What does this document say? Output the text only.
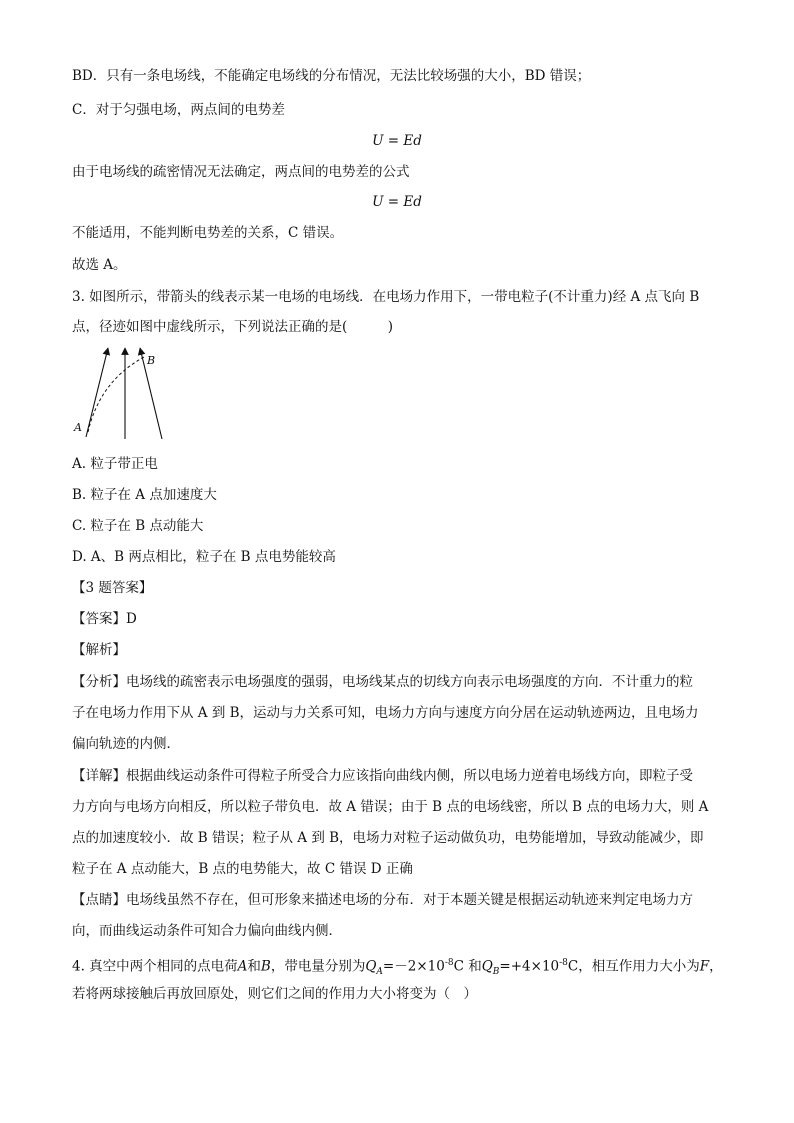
BD．只有一条电场线，不能确定电场线的分布情况，无法比较场强的大小，BD 错误；
C．对于匀强电场，两点间的电势差
U = Ed
由于电场线的疏密情况无法确定，两点间的电势差的公式
U = Ed
不能适用，不能判断电势差的关系，C 错误。
故选 A。
3. 如图所示，带箭头的线表示某一电场的电场线．在电场力作用下，一带电粒子(不计重力)经 A 点飞向 B
点，径迹如图中虚线所示，下列说法正确的是(　　　)
A
B
A. 粒子带正电
B. 粒子在 A 点加速度大
C. 粒子在 B 点动能大
D. A、B 两点相比，粒子在 B 点电势能较高
【3 题答案】
【答案】D
【解析】
【分析】电场线的疏密表示电场强度的强弱，电场线某点的切线方向表示电场强度的方向．不计重力的粒
子在电场力作用下从 A 到 B，运动与力关系可知，电场力方向与速度方向分居在运动轨迹两边，且电场力
偏向轨迹的内侧．
【详解】根据曲线运动条件可得粒子所受合力应该指向曲线内侧，所以电场力逆着电场线方向，即粒子受
力方向与电场方向相反，所以粒子带负电．故 A 错误；由于 B 点的电场线密，所以 B 点的电场力大，则 A
点的加速度较小．故 B 错误；粒子从 A 到 B，电场力对粒子运动做负功，电势能增加，导致动能减少，即
粒子在 A 点动能大，B 点的电势能大，故 C 错误 D 正确
【点睛】电场线虽然不存在，但可形象来描述电场的分布．对于本题关键是根据运动轨迹来判定电场力方
向，而曲线运动条件可知合力偏向曲线内侧．
4. 真空中两个相同的点电荷A和B，带电量分别为$Q_A=-2\times 10^{-8}C$ 和$Q_B=+4\times 10^{-8}C$，相互作用力大小为F，
若将两球接触后再放回原处，则它们之间的作用力大小将变为（　）
